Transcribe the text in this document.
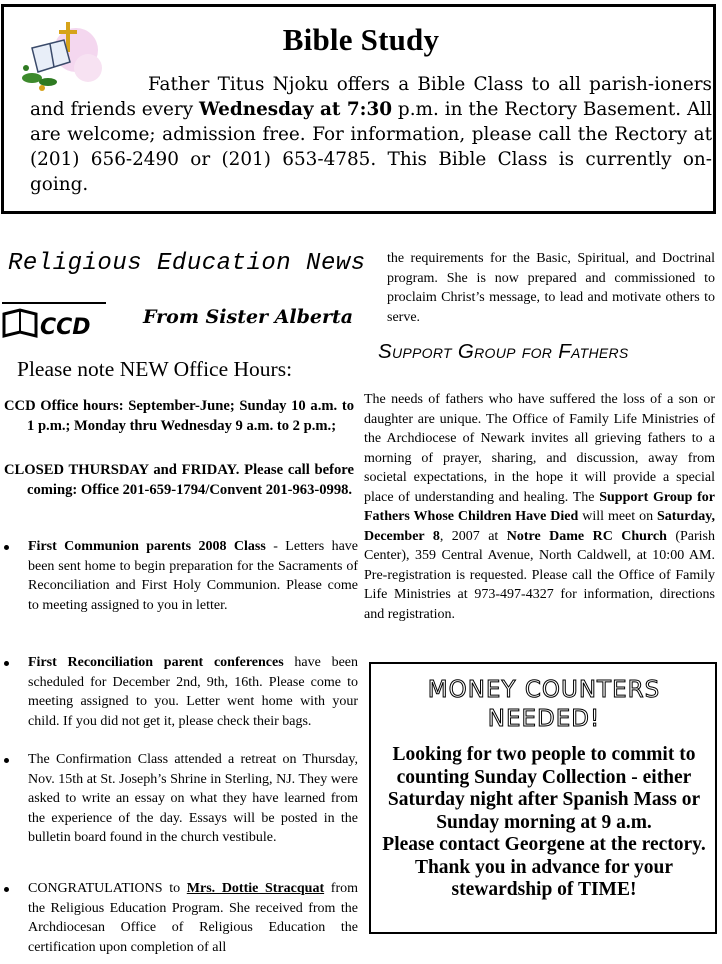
Bible Study
Father Titus Njoku offers a Bible Class to all parish-ioners and friends every Wednesday at 7:30 p.m. in the Rectory Basement. All are welcome; admission free. For information, please call the Rectory at (201) 656-2490 or (201) 653-4785. This Bible Class is currently on-going.
Religious Education News
CCD	From Sister Alberta
Please note NEW Office Hours:
CCD Office hours: September-June; Sunday 10 a.m. to 1 p.m.; Monday thru Wednesday 9 a.m. to 2 p.m.;
CLOSED THURSDAY and FRIDAY. Please call before coming: Office 201-659-1794/Convent 201-963-0998.
First Communion parents 2008 Class - Letters have been sent home to begin preparation for the Sacraments of Reconciliation and First Holy Communion. Please come to meeting assigned to you in letter.
First Reconciliation parent conferences have been scheduled for December 2nd, 9th, 16th. Please come to meeting assigned to you. Letter went home with your child. If you did not get it, please check their bags.
The Confirmation Class attended a retreat on Thursday, Nov. 15th at St. Joseph’s Shrine in Sterling, NJ. They were asked to write an essay on what they have learned from the experience of the day. Essays will be posted in the bulletin board found in the church vestibule.
CONGRATULATIONS to Mrs. Dottie Stracquat from the Religious Education Program. She received from the Archdiocesan Office of Religious Education the certification upon completion of all
the requirements for the Basic, Spiritual, and Doctrinal program. She is now prepared and commissioned to proclaim Christ’s message, to lead and motivate others to serve.
Support Group for Fathers
The needs of fathers who have suffered the loss of a son or daughter are unique. The Office of Family Life Ministries of the Archdiocese of Newark invites all grieving fathers to a morning of prayer, sharing, and discussion, away from societal expectations, in the hope it will provide a special place of understanding and healing. The Support Group for Fathers Whose Children Have Died will meet on Saturday, December 8, 2007 at Notre Dame RC Church (Parish Center), 359 Central Avenue, North Caldwell, at 10:00 AM. Pre-registration is requested. Please call the Office of Family Life Ministries at 973-497-4327 for information, directions and registration.
MONEY COUNTERS
NEEDED!
Looking for two people to commit to counting Sunday Collection - either Saturday night after Spanish Mass or Sunday morning at 9 a.m.
Please contact Georgene at the rectory. Thank you in advance for your stewardship of TIME!
